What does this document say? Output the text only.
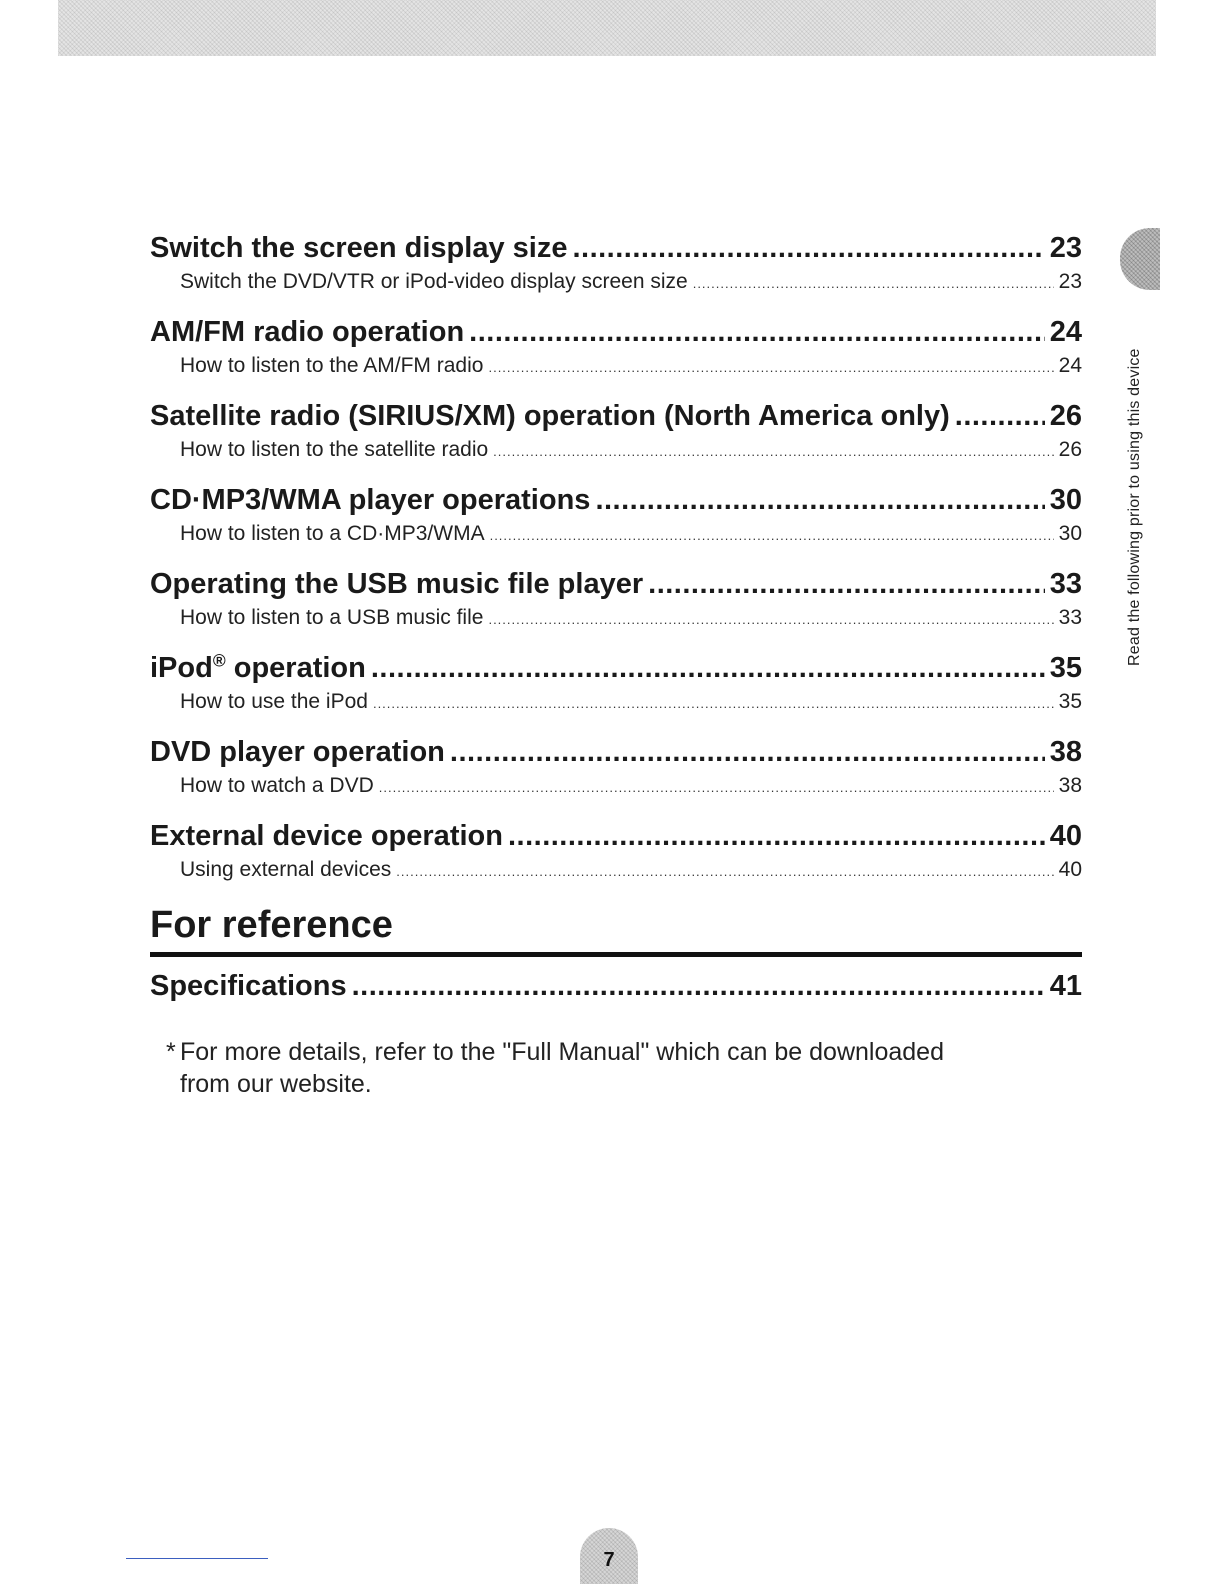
Read the following prior to using this device
Switch the screen display size .....	23
Switch the DVD/VTR or iPod-video display screen size .....	23
AM/FM radio operation .....	24
How to listen to the AM/FM radio .....	24
Satellite radio (SIRIUS/XM) operation (North America only) .....	26
How to listen to the satellite radio .....	26
CD·MP3/WMA player operations .....	30
How to listen to a CD·MP3/WMA .....	30
Operating the USB music file player .....	33
How to listen to a USB music file .....	33
iPod® operation .....	35
How to use the iPod .....	35
DVD player operation .....	38
How to watch a DVD .....	38
External device operation .....	40
Using external devices .....	40
For reference
Specifications .....	41
* For more details, refer to the "Full Manual" which can be downloaded
from our website.
7
